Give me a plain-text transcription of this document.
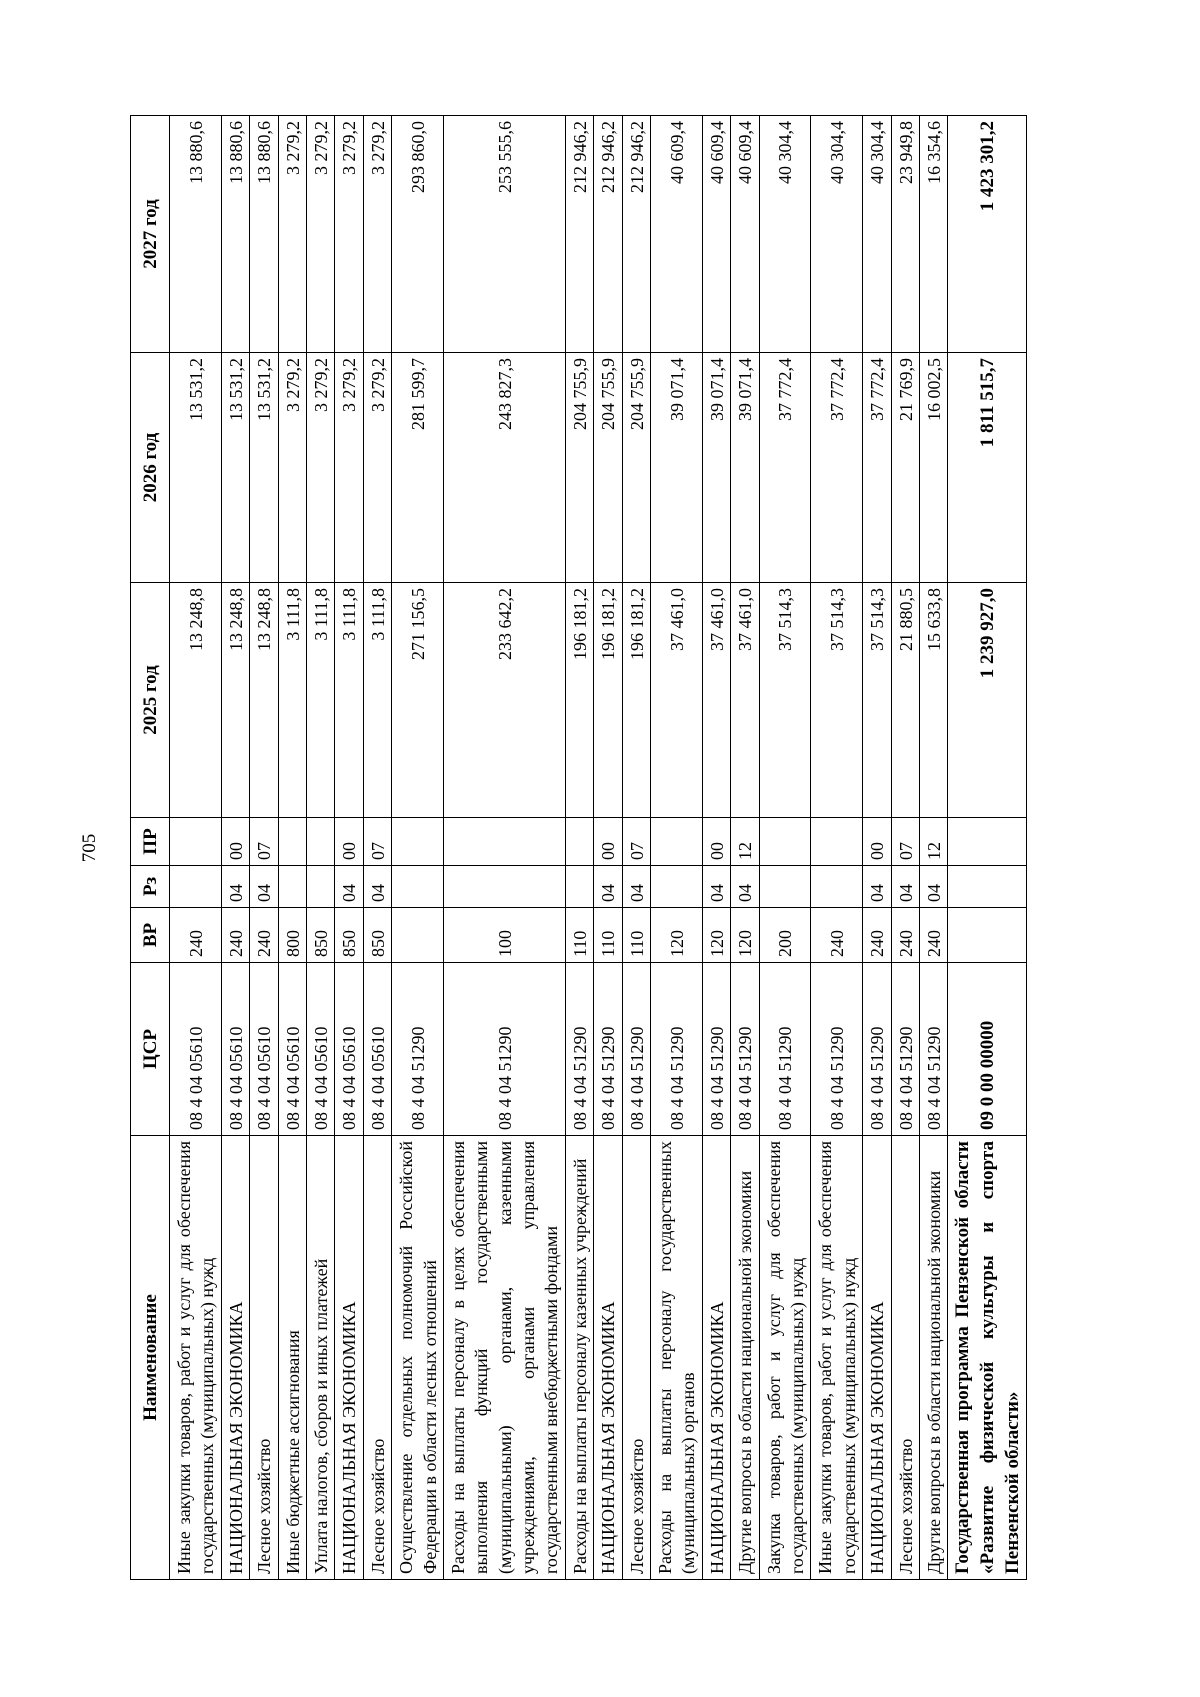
705
Наименование	ЦСР	ВР	Рз	ПР	2025 год	2026 год	2027 год
Иные закупки товаров, работ и услуг для обеспечения государственных (муниципальных) нужд	08 4 04 05610	240			13 248,8	13 531,2	13 880,6
НАЦИОНАЛЬНАЯ ЭКОНОМИКА	08 4 04 05610	240	04	00	13 248,8	13 531,2	13 880,6
Лесное хозяйство	08 4 04 05610	240	04	07	13 248,8	13 531,2	13 880,6
Иные бюджетные ассигнования	08 4 04 05610	800			3 111,8	3 279,2	3 279,2
Уплата налогов, сборов и иных платежей	08 4 04 05610	850			3 111,8	3 279,2	3 279,2
НАЦИОНАЛЬНАЯ ЭКОНОМИКА	08 4 04 05610	850	04	00	3 111,8	3 279,2	3 279,2
Лесное хозяйство	08 4 04 05610	850	04	07	3 111,8	3 279,2	3 279,2
Осуществление отдельных полномочий Российской Федерации в области лесных отношений	08 4 04 51290				271 156,5	281 599,7	293 860,0
Расходы на выплаты персоналу в целях обеспечения выполнения функций государственными (муниципальными) органами, казенными учреждениями, органами управления государственными внебюджетными фондами	08 4 04 51290	100			233 642,2	243 827,3	253 555,6
Расходы на выплаты персоналу казенных учреждений	08 4 04 51290	110			196 181,2	204 755,9	212 946,2
НАЦИОНАЛЬНАЯ ЭКОНОМИКА	08 4 04 51290	110	04	00	196 181,2	204 755,9	212 946,2
Лесное хозяйство	08 4 04 51290	110	04	07	196 181,2	204 755,9	212 946,2
Расходы на выплаты персоналу государственных (муниципальных) органов	08 4 04 51290	120			37 461,0	39 071,4	40 609,4
НАЦИОНАЛЬНАЯ ЭКОНОМИКА	08 4 04 51290	120	04	00	37 461,0	39 071,4	40 609,4
Другие вопросы в области национальной экономики	08 4 04 51290	120	04	12	37 461,0	39 071,4	40 609,4
Закупка товаров, работ и услуг для обеспечения государственных (муниципальных) нужд	08 4 04 51290	200			37 514,3	37 772,4	40 304,4
Иные закупки товаров, работ и услуг для обеспечения государственных (муниципальных) нужд	08 4 04 51290	240			37 514,3	37 772,4	40 304,4
НАЦИОНАЛЬНАЯ ЭКОНОМИКА	08 4 04 51290	240	04	00	37 514,3	37 772,4	40 304,4
Лесное хозяйство	08 4 04 51290	240	04	07	21 880,5	21 769,9	23 949,8
Другие вопросы в области национальной экономики	08 4 04 51290	240	04	12	15 633,8	16 002,5	16 354,6
Государственная программа Пензенской области «Развитие физической культуры и спорта Пензенской области»	09 0 00 00000				1 239 927,0	1 811 515,7	1 423 301,2
